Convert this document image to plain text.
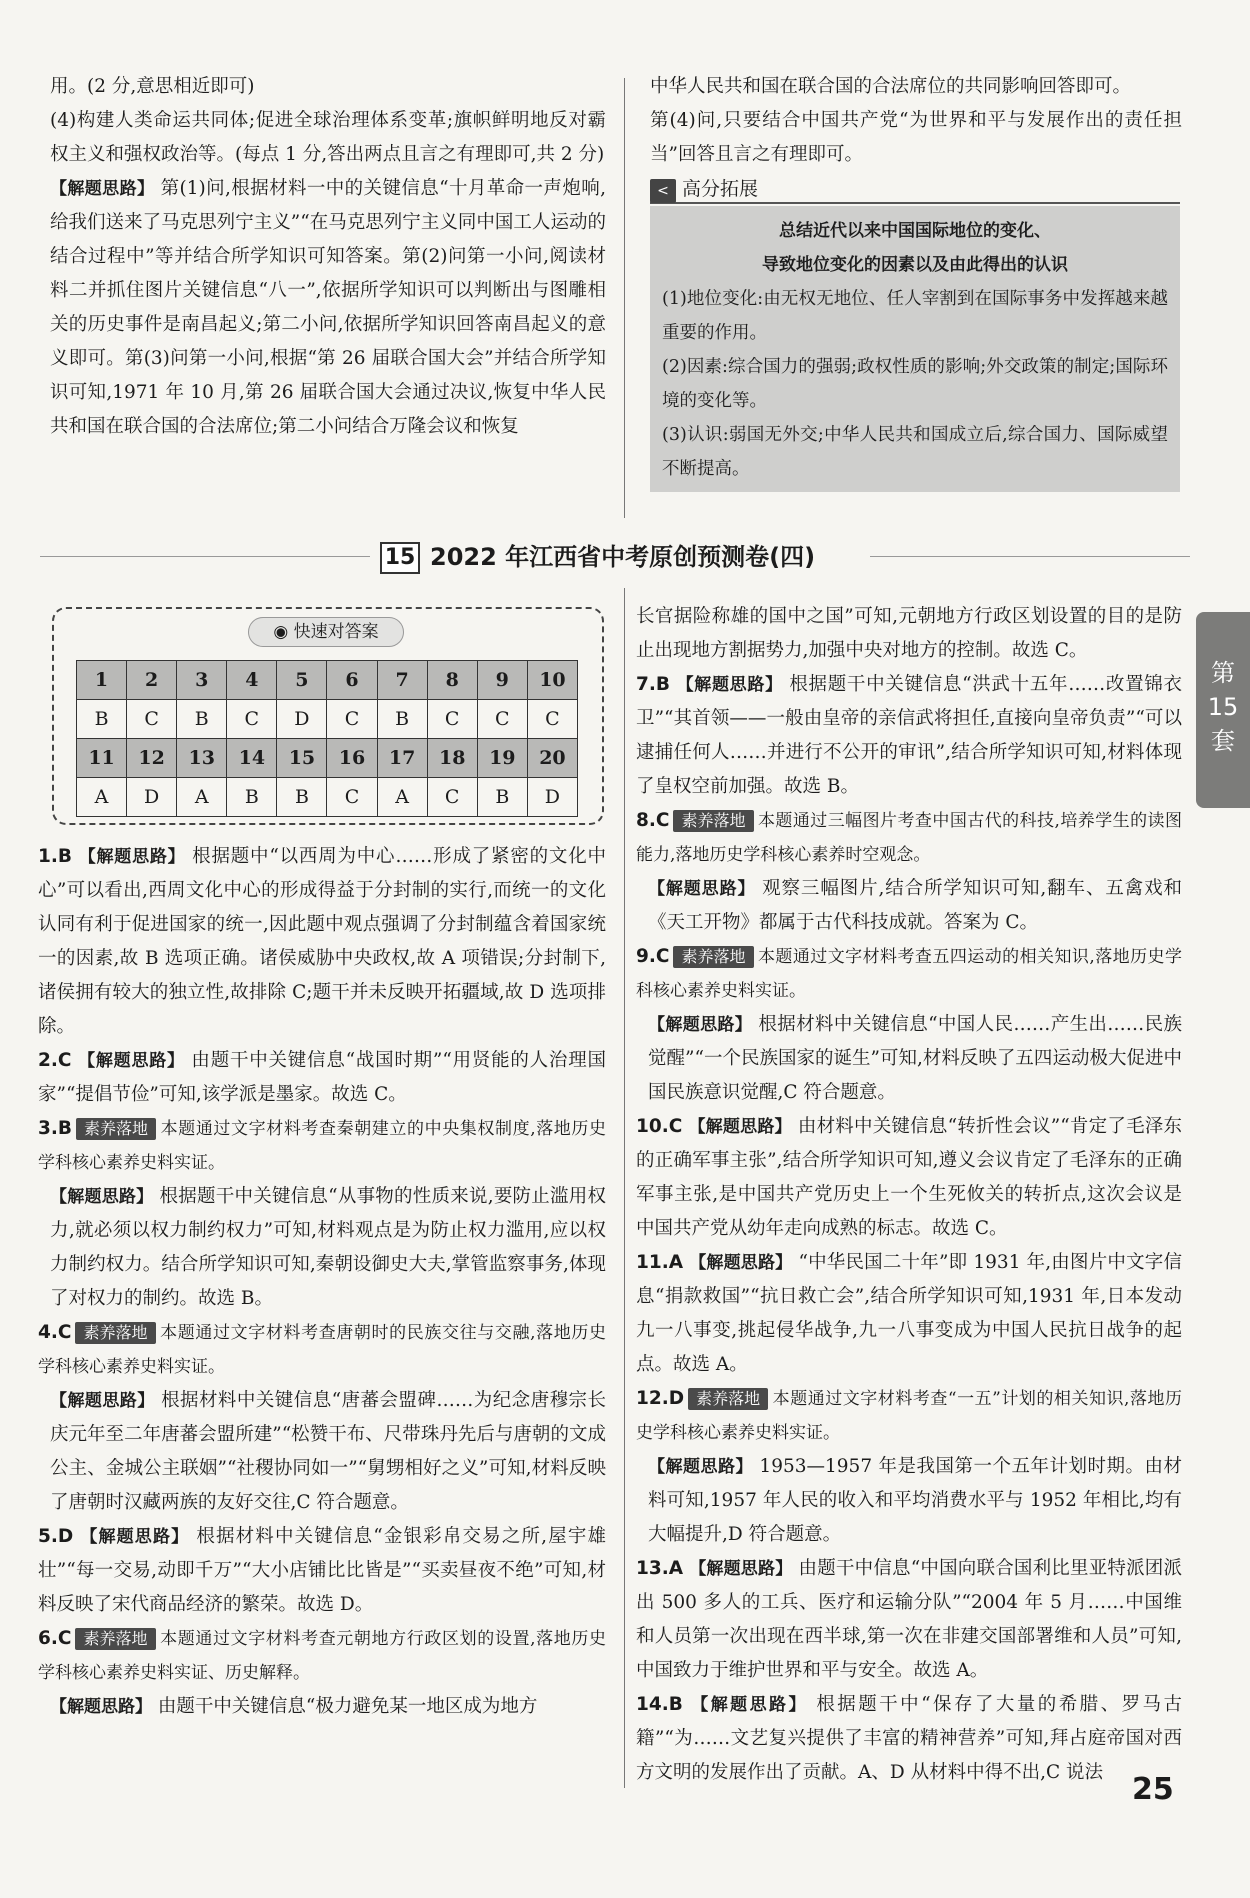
用。(2 分,意思相近即可)
(4)构建人类命运共同体;促进全球治理体系变革;旗帜鲜明地反对霸权主义和强权政治等。(每点 1 分,答出两点且言之有理即可,共 2 分)
【解题思路】 第(1)问,根据材料一中的关键信息“十月革命一声炮响,给我们送来了马克思列宁主义”“在马克思列宁主义同中国工人运动的结合过程中”等并结合所学知识可知答案。第(2)问第一小问,阅读材料二并抓住图片关键信息“八一”,依据所学知识可以判断出与图雕相关的历史事件是南昌起义;第二小问,依据所学知识回答南昌起义的意义即可。第(3)问第一小问,根据“第 26 届联合国大会”并结合所学知识可知,1971 年 10 月,第 26 届联合国大会通过决议,恢复中华人民共和国在联合国的合法席位;第二小问结合万隆会议和恢复
中华人民共和国在联合国的合法席位的共同影响回答即可。
第(4)问,只要结合中国共产党“为世界和平与发展作出的责任担当”回答且言之有理即可。
< 高分拓展
总结近代以来中国国际地位的变化、
导致地位变化的因素以及由此得出的认识
(1)地位变化:由无权无地位、任人宰割到在国际事务中发挥越来越重要的作用。
(2)因素:综合国力的强弱;政权性质的影响;外交政策的制定;国际环境的变化等。
(3)认识:弱国无外交;中华人民共和国成立后,综合国力、国际威望不断提高。
15 2022 年江西省中考原创预测卷(四)
◉ 快速对答案
1	2	3	4	5	6	7	8	9	10
B	C	B	C	D	C	B	C	C	C
11	12	13	14	15	16	17	18	19	20
A	D	A	B	B	C	A	C	B	D
1.B 【解题思路】 根据题中“以西周为中心……形成了紧密的文化中心”可以看出,西周文化中心的形成得益于分封制的实行,而统一的文化认同有利于促进国家的统一,因此题中观点强调了分封制蕴含着国家统一的因素,故 B 选项正确。诸侯威胁中央政权,故 A 项错误;分封制下,诸侯拥有较大的独立性,故排除 C;题干并未反映开拓疆域,故 D 选项排除。
2.C 【解题思路】 由题干中关键信息“战国时期”“用贤能的人治理国家”“提倡节俭”可知,该学派是墨家。故选 C。
3.B 素养落地 本题通过文字材料考查秦朝建立的中央集权制度,落地历史学科核心素养史料实证。
【解题思路】 根据题干中关键信息“从事物的性质来说,要防止滥用权力,就必须以权力制约权力”可知,材料观点是为防止权力滥用,应以权力制约权力。结合所学知识可知,秦朝设御史大夫,掌管监察事务,体现了对权力的制约。故选 B。
4.C 素养落地 本题通过文字材料考查唐朝时的民族交往与交融,落地历史学科核心素养史料实证。
【解题思路】 根据材料中关键信息“唐蕃会盟碑……为纪念唐穆宗长庆元年至二年唐蕃会盟所建”“松赞干布、尺带珠丹先后与唐朝的文成公主、金城公主联姻”“社稷协同如一”“舅甥相好之义”可知,材料反映了唐朝时汉藏两族的友好交往,C 符合题意。
5.D 【解题思路】 根据材料中关键信息“金银彩帛交易之所,屋宇雄壮”“每一交易,动即千万”“大小店铺比比皆是”“买卖昼夜不绝”可知,材料反映了宋代商品经济的繁荣。故选 D。
6.C 素养落地 本题通过文字材料考查元朝地方行政区划的设置,落地历史学科核心素养史料实证、历史解释。
【解题思路】 由题干中关键信息“极力避免某一地区成为地方
长官据险称雄的国中之国”可知,元朝地方行政区划设置的目的是防止出现地方割据势力,加强中央对地方的控制。故选 C。
7.B 【解题思路】 根据题干中关键信息“洪武十五年……改置锦衣卫”“其首领——一般由皇帝的亲信武将担任,直接向皇帝负责”“可以逮捕任何人……并进行不公开的审讯”,结合所学知识可知,材料体现了皇权空前加强。故选 B。
8.C 素养落地 本题通过三幅图片考查中国古代的科技,培养学生的读图能力,落地历史学科核心素养时空观念。
【解题思路】 观察三幅图片,结合所学知识可知,翻车、五禽戏和《天工开物》都属于古代科技成就。答案为 C。
9.C 素养落地 本题通过文字材料考查五四运动的相关知识,落地历史学科核心素养史料实证。
【解题思路】 根据材料中关键信息“中国人民……产生出……民族觉醒”“一个民族国家的诞生”可知,材料反映了五四运动极大促进中国民族意识觉醒,C 符合题意。
10.C 【解题思路】 由材料中关键信息“转折性会议”“肯定了毛泽东的正确军事主张”,结合所学知识可知,遵义会议肯定了毛泽东的正确军事主张,是中国共产党历史上一个生死攸关的转折点,这次会议是中国共产党从幼年走向成熟的标志。故选 C。
11.A 【解题思路】 “中华民国二十年”即 1931 年,由图片中文字信息“捐款救国”“抗日救亡会”,结合所学知识可知,1931 年,日本发动九一八事变,挑起侵华战争,九一八事变成为中国人民抗日战争的起点。故选 A。
12.D 素养落地 本题通过文字材料考查“一五”计划的相关知识,落地历史学科核心素养史料实证。
【解题思路】 1953—1957 年是我国第一个五年计划时期。由材料可知,1957 年人民的收入和平均消费水平与 1952 年相比,均有大幅提升,D 符合题意。
13.A 【解题思路】 由题干中信息“中国向联合国利比里亚特派团派出 500 多人的工兵、医疗和运输分队”“2004 年 5 月……中国维和人员第一次出现在西半球,第一次在非建交国部署维和人员”可知,中国致力于维护世界和平与安全。故选 A。
14.B 【解题思路】 根据题干中“保存了大量的希腊、罗马古籍”“为……文艺复兴提供了丰富的精神营养”可知,拜占庭帝国对西方文明的发展作出了贡献。A、D 从材料中得不出,C 说法
第
15
套
25
